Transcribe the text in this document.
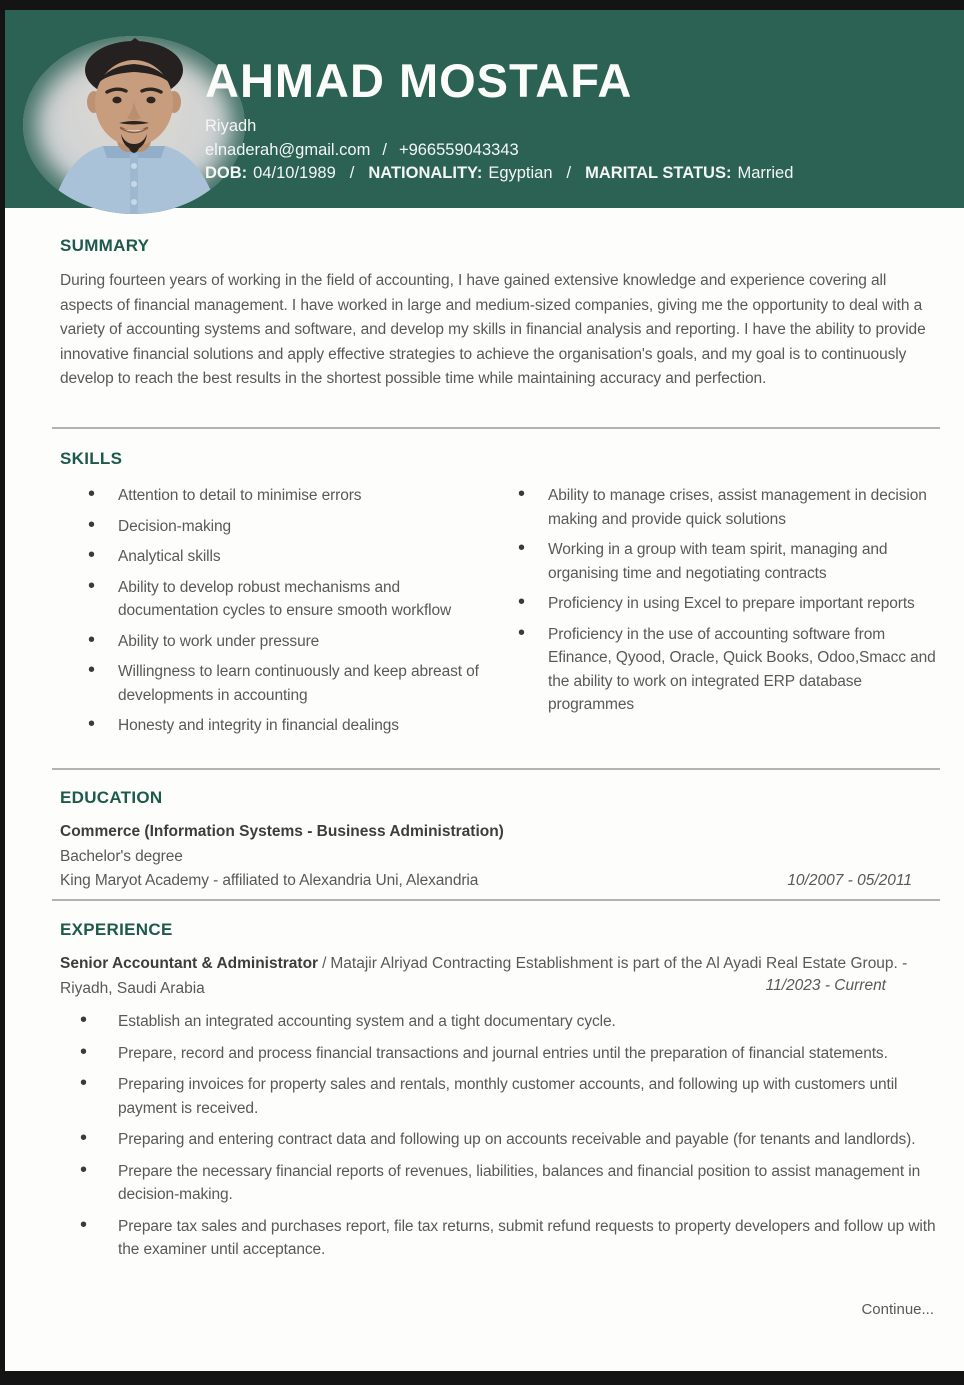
AHMAD MOSTAFA
Riyadh
elnaderah@gmail.com / +966559043343
DOB: 04/10/1989 / NATIONALITY: Egyptian / MARITAL STATUS: Married
SUMMARY

During fourteen years of working in the field of accounting, I have gained extensive knowledge and experience covering all aspects of financial management. I have worked in large and medium-sized companies, giving me the opportunity to deal with a variety of accounting systems and software, and develop my skills in financial analysis and reporting. I have the ability to provide innovative financial solutions and apply effective strategies to achieve the organisation's goals, and my goal is to continuously develop to reach the best results in the shortest possible time while maintaining accuracy and perfection.

SKILLS
• Attention to detail to minimise errors
• Decision-making
• Analytical skills
• Ability to develop robust mechanisms and documentation cycles to ensure smooth workflow
• Ability to work under pressure
• Willingness to learn continuously and keep abreast of developments in accounting
• Honesty and integrity in financial dealings
• Ability to manage crises, assist management in decision making and provide quick solutions
• Working in a group with team spirit, managing and organising time and negotiating contracts
• Proficiency in using Excel to prepare important reports
• Proficiency in the use of accounting software from Efinance, Qyood, Oracle, Quick Books, Odoo,Smacc and the ability to work on integrated ERP database programmes
EDUCATION

Commerce (Information Systems - Business Administration)

Bachelor's degree

King Maryot Academy - affiliated to Alexandria Uni, Alexandria	10/2007 - 05/2011
EXPERIENCE

Senior Accountant & Administrator / Matajir Alriyad Contracting Establishment is part of the Al Ayadi Real Estate Group. - Riyadh, Saudi Arabia	11/2023 - Current
• Establish an integrated accounting system and a tight documentary cycle.
• Prepare, record and process financial transactions and journal entries until the preparation of financial statements.
• Preparing invoices for property sales and rentals, monthly customer accounts, and following up with customers until payment is received.
• Preparing and entering contract data and following up on accounts receivable and payable (for tenants and landlords).
• Prepare the necessary financial reports of revenues, liabilities, balances and financial position to assist management in decision-making.
• Prepare tax sales and purchases report, file tax returns, submit refund requests to property developers and follow up with the examiner until acceptance.
Continue...
